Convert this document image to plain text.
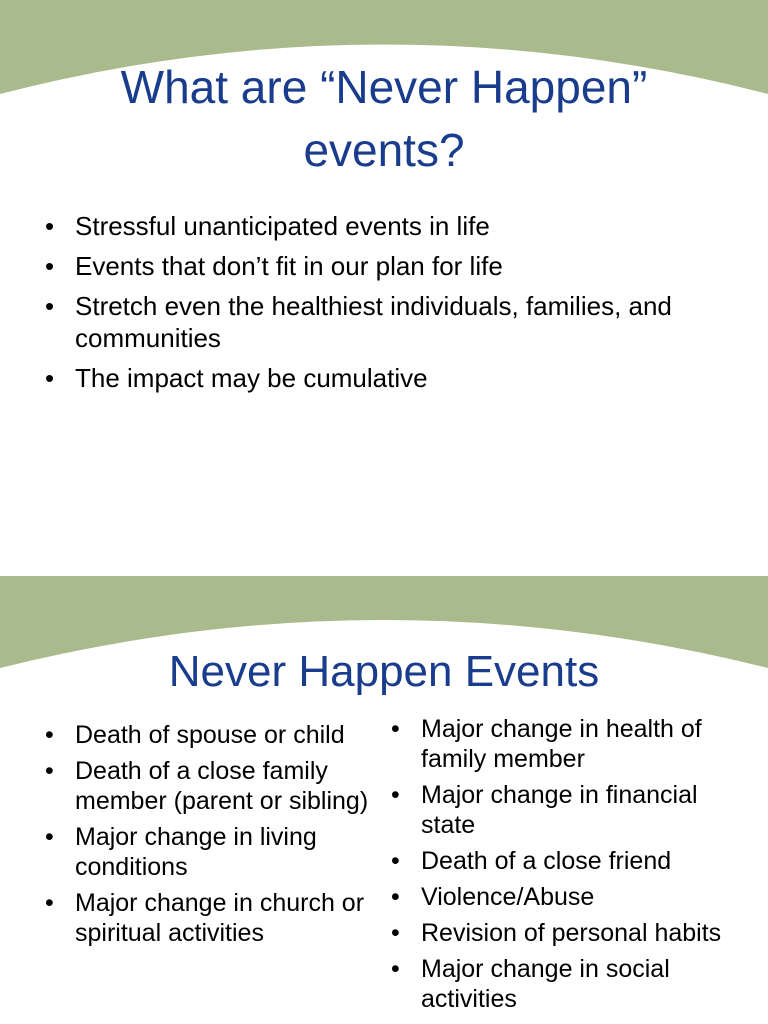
What are “Never Happen”
events?
• Stressful unanticipated events in life
• Events that don’t fit in our plan for life
• Stretch even the healthiest individuals, families, and communities
• The impact may be cumulative
Never Happen Events
• Death of spouse or child
• Death of a close family member (parent or sibling)
• Major change in living conditions
• Major change in church or spiritual activities
• Major change in health of family member
• Major change in financial state
• Death of a close friend
• Violence/Abuse
• Revision of personal habits
• Major change in social activities
